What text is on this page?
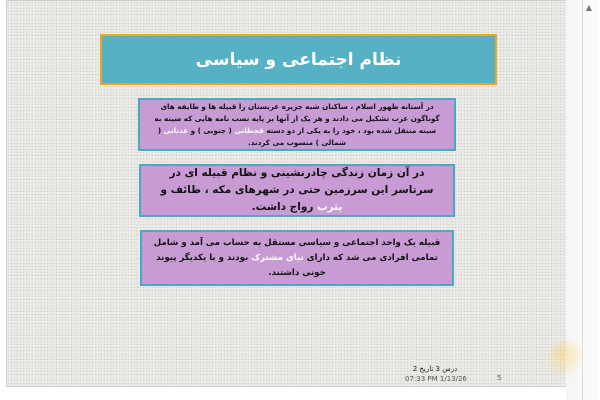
نظام اجتماعی و سیاسی
در آستانه ظهور اسلام ، ساکنان شبه جزیره عربستان را قبیله ها و طایفه های گوناگون عرب تشکیل می دادند و هر یک از آنها بر پایه نسب نامه هایی که سینه به سینه منتقل شده بود ، خود را به یکی از دو دسته قحطانی ( جنوبی ) و عدنانی ( شمالی ) منسوب می کردند.
در آن زمان زندگی چادرنشینی و نظام قبیله ای در سرتاسر این سرزمین حتی در شهرهای مکه ، طائف و یثرب رواج داشت.
قبیله یک واحد اجتماعی و سیاسی مستقل به حساب می آمد و شامل تمامی افرادی می شد که دارای نیای مشترک بودند و با یکدیگر پیوند خونی داشتند.
درس 3 تاریخ 2
07:33 PM 1/13/26	5
▲
